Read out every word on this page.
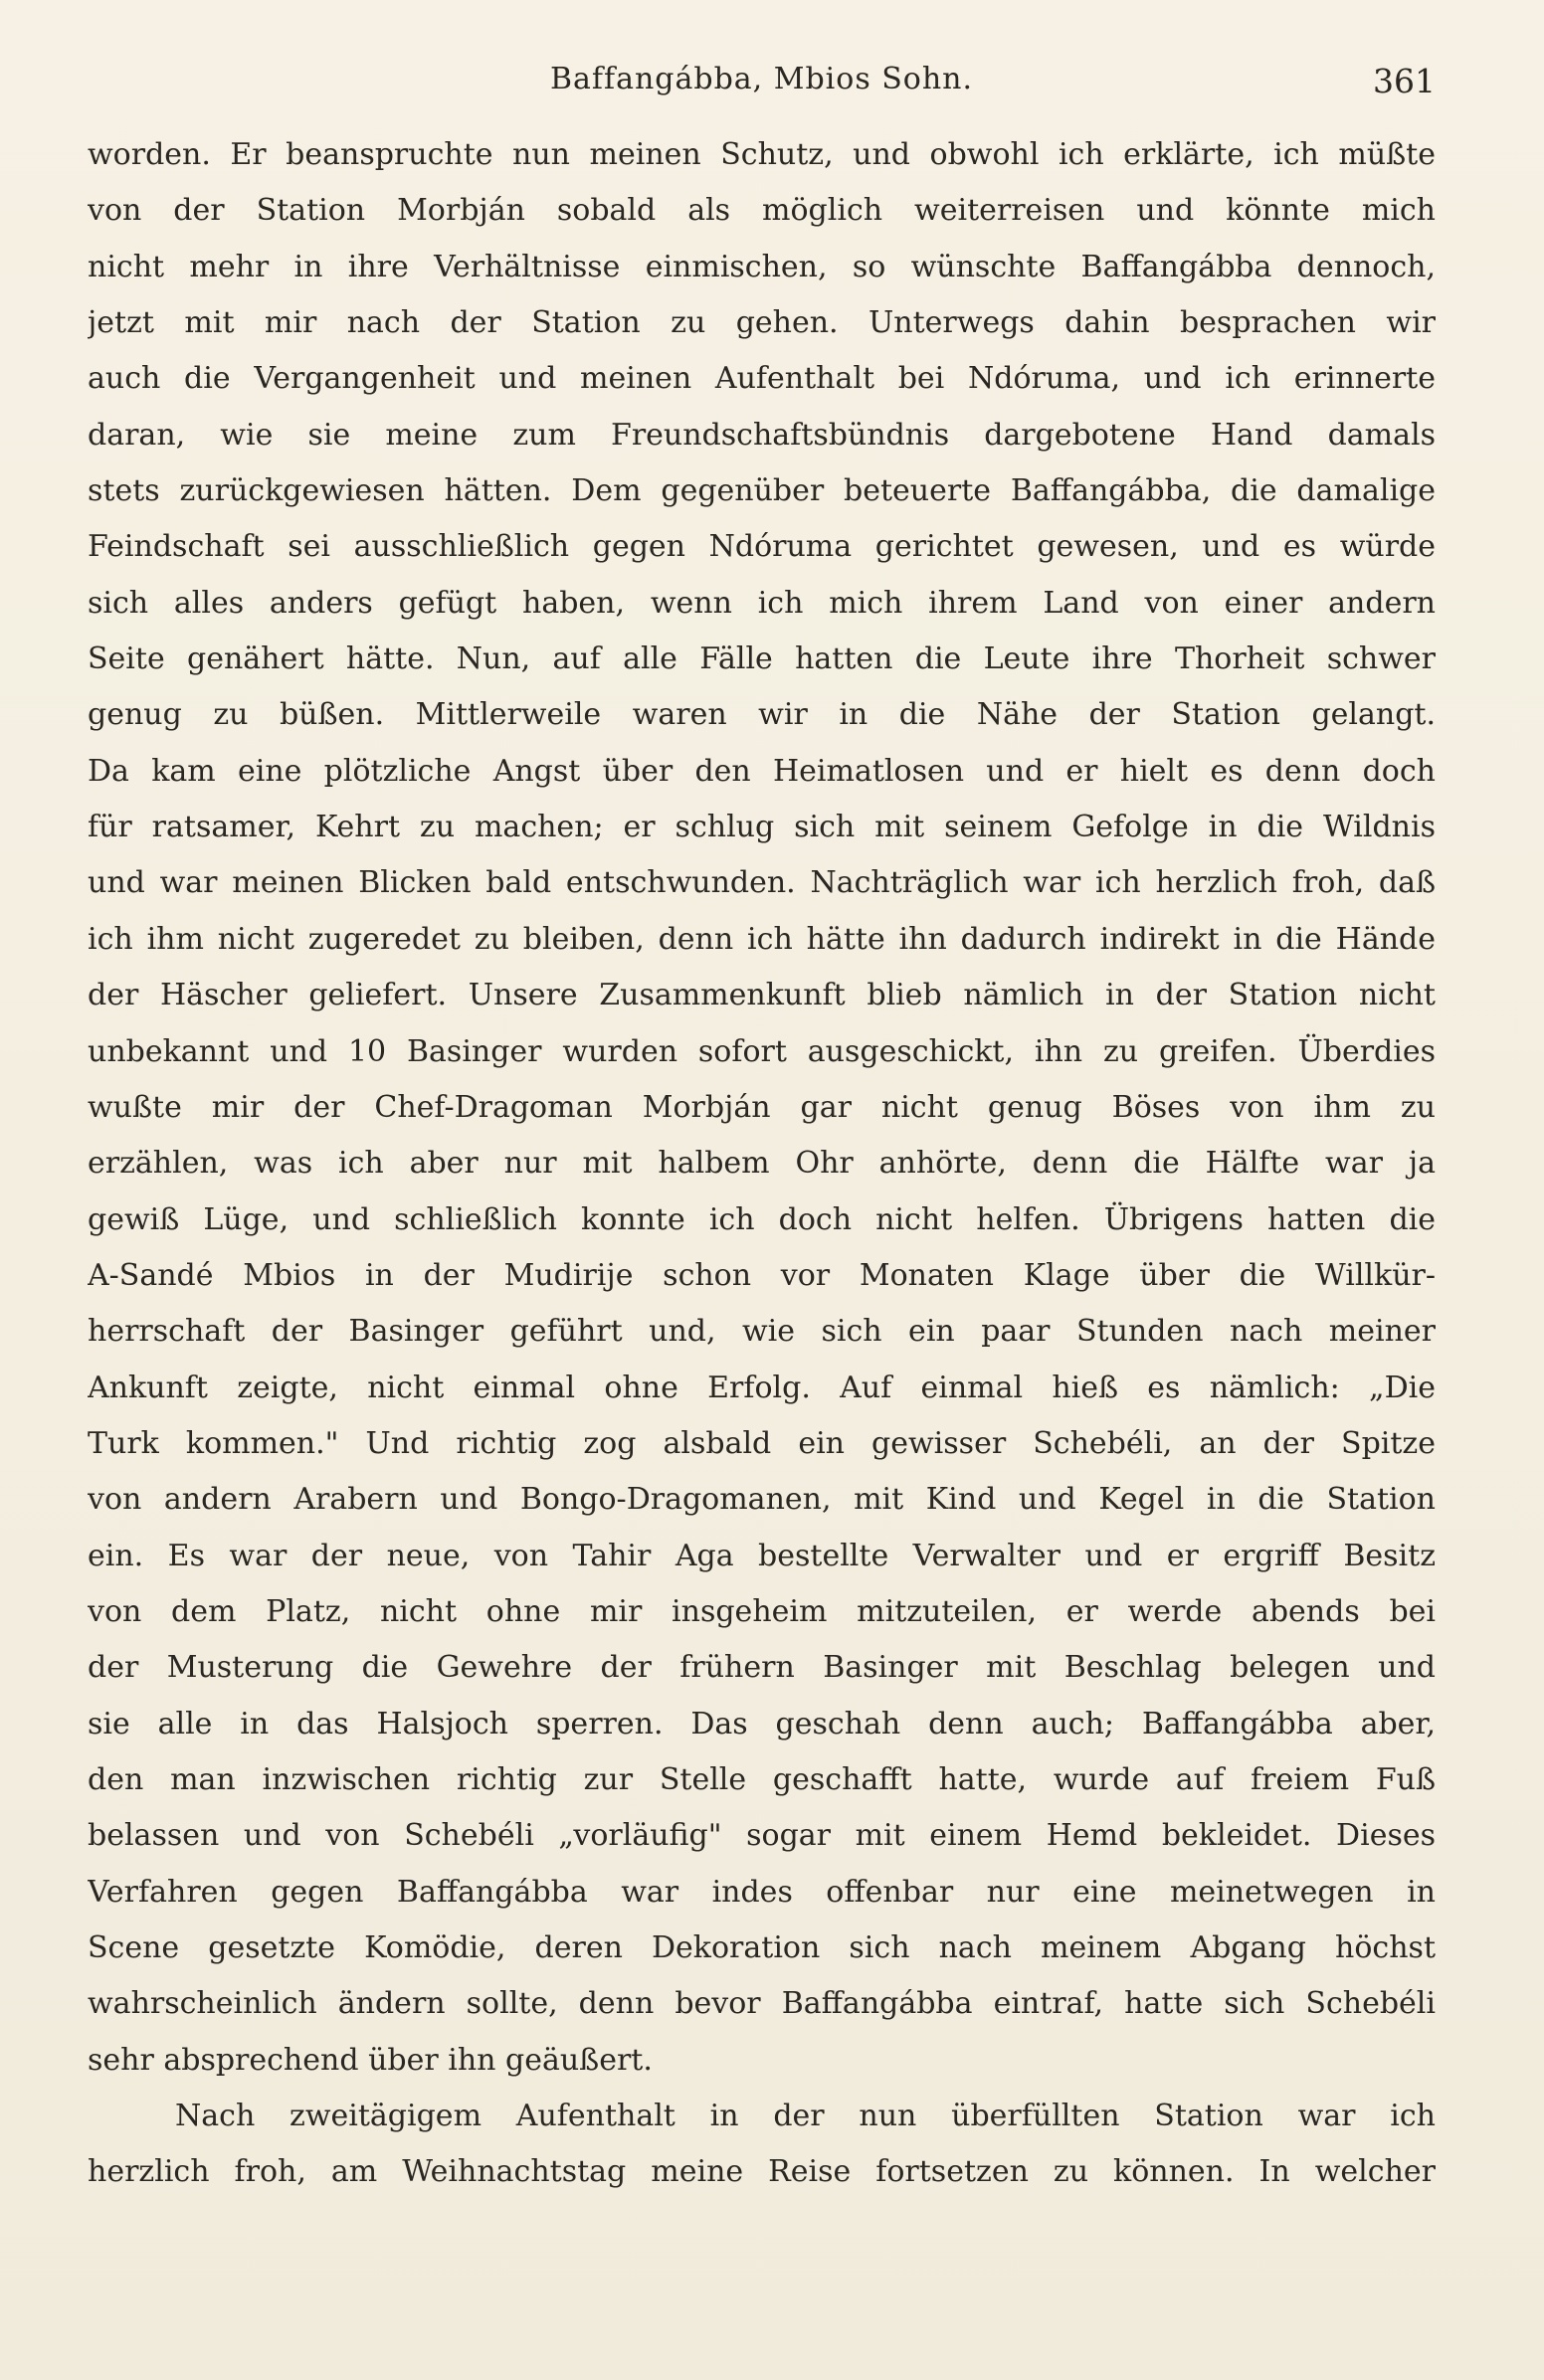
Baffangábba, Mbios Sohn.	361
worden. Er beanspruchte nun meinen Schutz, und obwohl ich erklärte, ich müßte
von der Station Morbján sobald als möglich weiterreisen und könnte mich
nicht mehr in ihre Verhältnisse einmischen, so wünschte Baffangábba dennoch,
jetzt mit mir nach der Station zu gehen. Unterwegs dahin besprachen wir
auch die Vergangenheit und meinen Aufenthalt bei Ndóruma, und ich erinnerte
daran, wie sie meine zum Freundschaftsbündnis dargebotene Hand damals
stets zurückgewiesen hätten. Dem gegenüber beteuerte Baffangábba, die damalige
Feindschaft sei ausschließlich gegen Ndóruma gerichtet gewesen, und es würde
sich alles anders gefügt haben, wenn ich mich ihrem Land von einer andern
Seite genähert hätte. Nun, auf alle Fälle hatten die Leute ihre Thorheit schwer
genug zu büßen. Mittlerweile waren wir in die Nähe der Station gelangt.
Da kam eine plötzliche Angst über den Heimatlosen und er hielt es denn doch
für ratsamer, Kehrt zu machen; er schlug sich mit seinem Gefolge in die Wildnis
und war meinen Blicken bald entschwunden. Nachträglich war ich herzlich froh, daß
ich ihm nicht zugeredet zu bleiben, denn ich hätte ihn dadurch indirekt in die Hände
der Häscher geliefert. Unsere Zusammenkunft blieb nämlich in der Station nicht
unbekannt und 10 Basinger wurden sofort ausgeschickt, ihn zu greifen. Überdies
wußte mir der Chef-Dragoman Morbján gar nicht genug Böses von ihm zu
erzählen, was ich aber nur mit halbem Ohr anhörte, denn die Hälfte war ja
gewiß Lüge, und schließlich konnte ich doch nicht helfen. Übrigens hatten die
A-Sandé Mbios in der Mudirije schon vor Monaten Klage über die Willkür-
herrschaft der Basinger geführt und, wie sich ein paar Stunden nach meiner
Ankunft zeigte, nicht einmal ohne Erfolg. Auf einmal hieß es nämlich: „Die
Turk kommen." Und richtig zog alsbald ein gewisser Schebéli, an der Spitze
von andern Arabern und Bongo-Dragomanen, mit Kind und Kegel in die Station
ein. Es war der neue, von Tahir Aga bestellte Verwalter und er ergriff Besitz
von dem Platz, nicht ohne mir insgeheim mitzuteilen, er werde abends bei
der Musterung die Gewehre der frühern Basinger mit Beschlag belegen und
sie alle in das Halsjoch sperren. Das geschah denn auch; Baffangábba aber,
den man inzwischen richtig zur Stelle geschafft hatte, wurde auf freiem Fuß
belassen und von Schebéli „vorläufig" sogar mit einem Hemd bekleidet. Dieses
Verfahren gegen Baffangábba war indes offenbar nur eine meinetwegen in
Scene gesetzte Komödie, deren Dekoration sich nach meinem Abgang höchst
wahrscheinlich ändern sollte, denn bevor Baffangábba eintraf, hatte sich Schebéli
sehr absprechend über ihn geäußert.
Nach zweitägigem Aufenthalt in der nun überfüllten Station war ich
herzlich froh, am Weihnachtstag meine Reise fortsetzen zu können. In welcher
